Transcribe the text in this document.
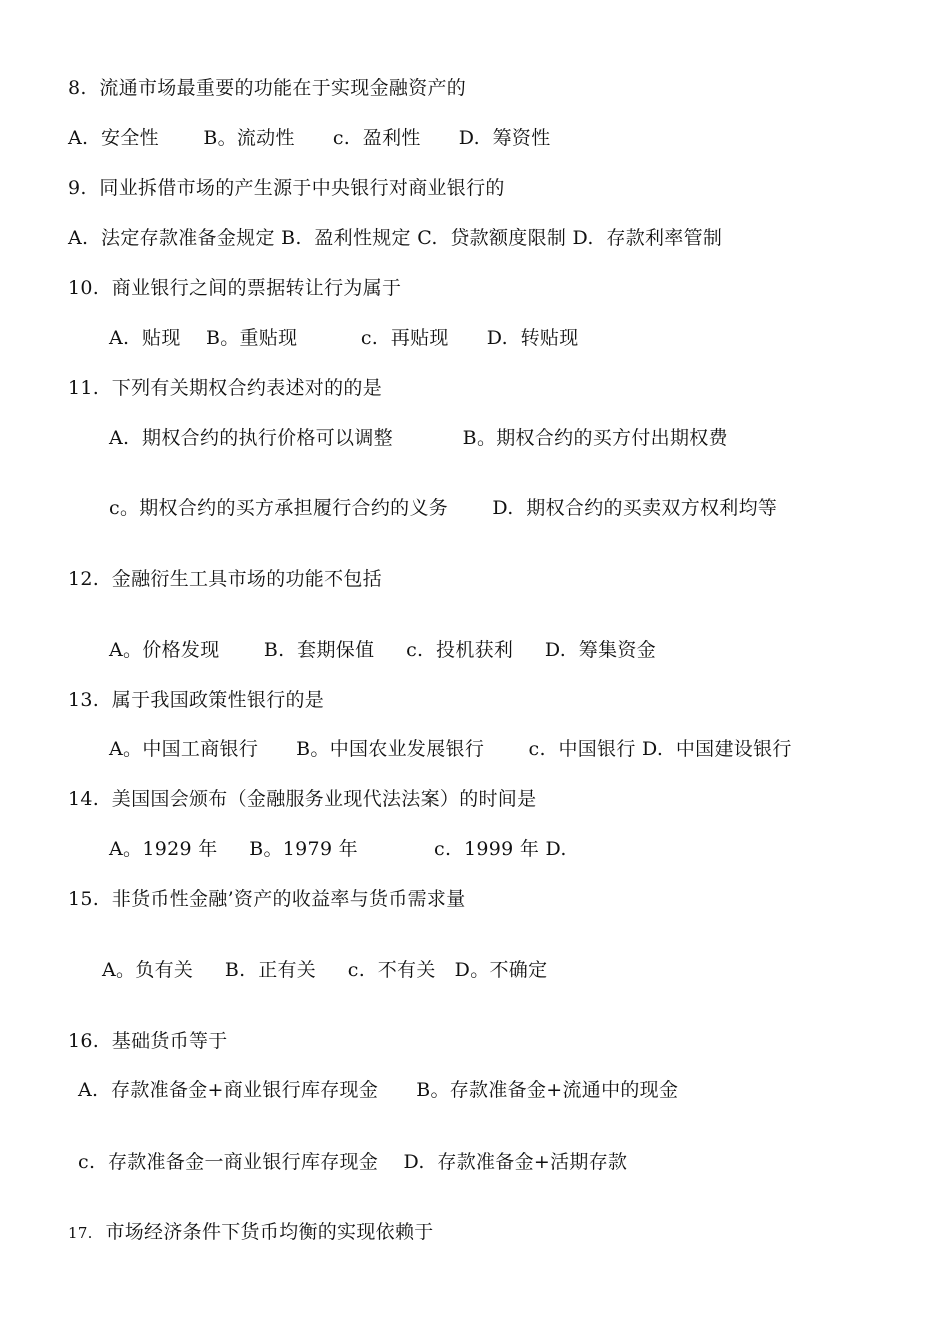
8.  流通市场最重要的功能在于实现金融资产的
A.  安全性       B。流动性      c.  盈利性      D.  筹资性
9.  同业拆借市场的产生源于中央银行对商业银行的
A.  法定存款准备金规定 B.  盈利性规定 C.  贷款额度限制 D.  存款利率管制
10.  商业银行之间的票据转让行为属于
A.  贴现    B。重贴现          c.  再贴现      D.  转贴现
11.  下列有关期权合约表述对的的是
A.  期权合约的执行价格可以调整           B。期权合约的买方付出期权费
c。期权合约的买方承担履行合约的义务       D.  期权合约的买卖双方权利均等
12.  金融衍生工具市场的功能不包括
A。价格发现       B.  套期保值     c.  投机获利     D.  筹集资金
13.  属于我国政策性银行的是
A。中国工商银行      B。中国农业发展银行       c.  中国银行 D.  中国建设银行
14.  美国国会颁布（金融服务业现代法法案）的时间是
A。1929 年     B。1979 年            c.  1999 年 D.
15.  非货币性金融’资产的收益率与货币需求量
A。负有关     B.  正有关     c.  不有关   D。不确定
16.  基础货币等于
A.  存款准备金+商业银行库存现金      B。存款准备金+流通中的现金
c.  存款准备金一商业银行库存现金    D.  存款准备金+活期存款
17.  市场经济条件下货币均衡的实现依赖于
